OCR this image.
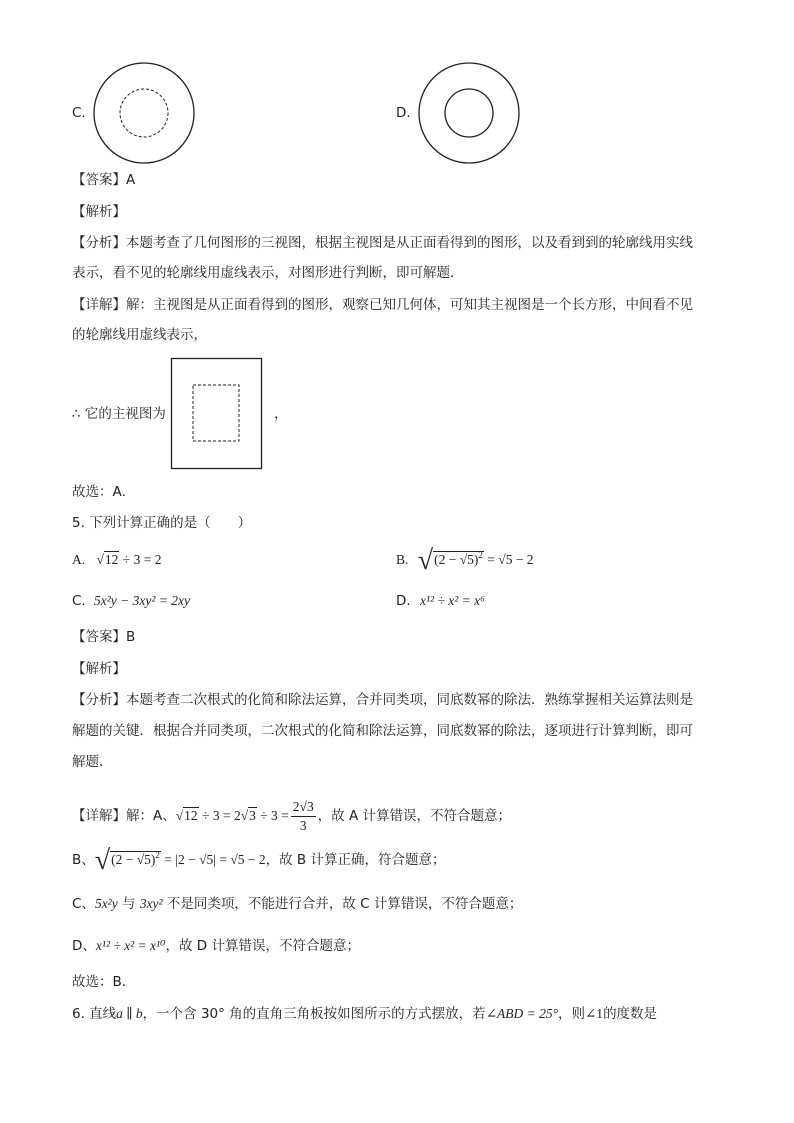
C.	D.
【答案】A
【解析】
【分析】本题考查了几何图形的三视图，根据主视图是从正面看得到的图形，以及看到到的轮廓线用实线
表示，看不见的轮廓线用虚线表示，对图形进行判断，即可解题．
【详解】解：主视图是从正面看得到的图形，观察已知几何体，可知其主视图是一个长方形，中间看不见
的轮廓线用虚线表示，
∴ 它的主视图为	，
故选：A．
5. 下列计算正确的是（　　）
A. √12 ÷ 3 = 2	B. $√(2 - √5)^2 = √5 - 2$
C. 5x²y − 3xy² = 2xy	D. x¹² ÷ x² = x⁶
【答案】B
【解析】
【分析】本题考查二次根式的化简和除法运算，合并同类项，同底数幂的除法．熟练掌握相关运算法则是
解题的关键．根据合并同类项，二次根式的化简和除法运算，同底数幂的除法，逐项进行计算判断，即可
解题．
【详解】解：A、$√12 \div 3 = 2√3 \div 3 = \frac{2√3}{3}$ ，故 A 计算错误，不符合题意；
B、$√(2 - √5)^2 = |2 - √5| = √5 - 2$，故 B 计算正确，符合题意；
C、5x²y 与 3xy² 不是同类项，不能进行合并，故 C 计算错误，不符合题意；
D、x¹² ÷ x² = x¹⁰，故 D 计算错误，不符合题意；
故选：B．
6. 直线a ∥ b，一个含 30° 角的直角三角板按如图所示的方式摆放，若∠ABD = 25°，则∠1的度数是
